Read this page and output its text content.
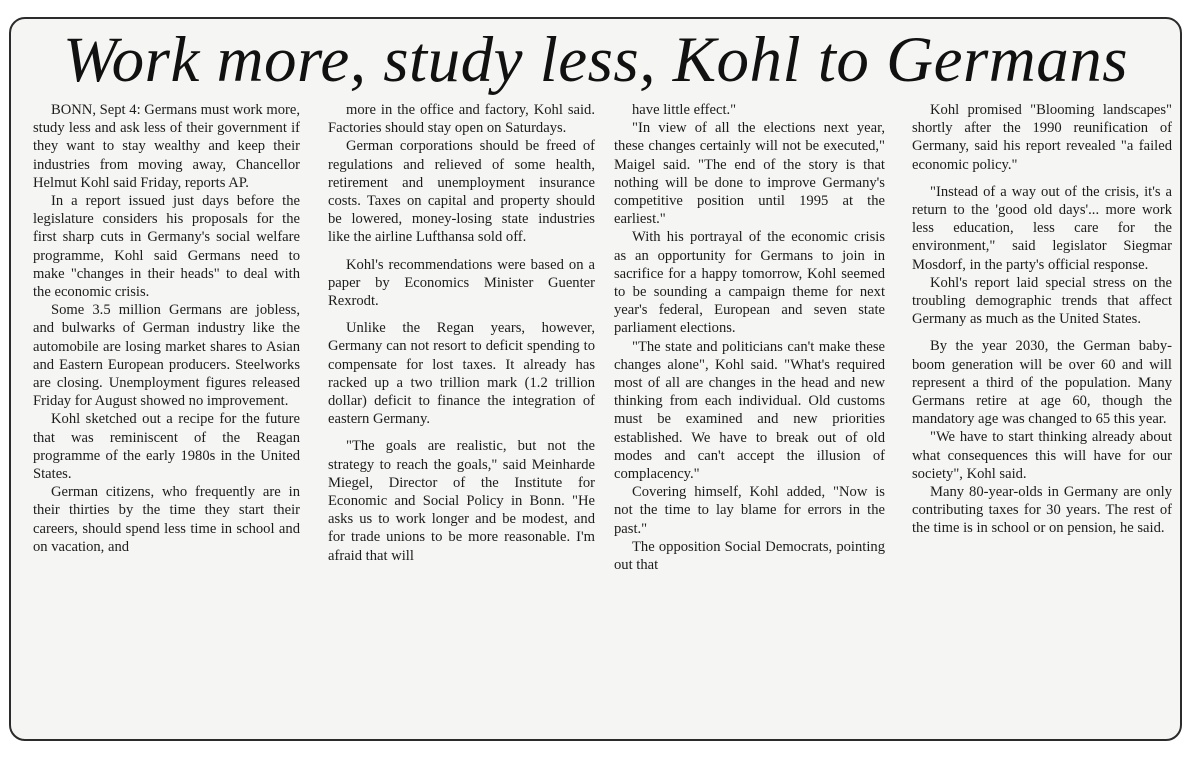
Work more, study less, Kohl to Germans

BONN, Sept 4: Germans must work more, study less and ask less of their government if they want to stay wealthy and keep their industries from moving away, Chancellor Helmut Kohl said Friday, reports AP.

In a report issued just days before the legislature considers his proposals for the first sharp cuts in Germany's social welfare programme, Kohl said Germans need to make "changes in their heads" to deal with the economic crisis.

Some 3.5 million Germans are jobless, and bulwarks of German industry like the automobile are losing market shares to Asian and Eastern European producers. Steelworks are closing. Unemployment figures released Friday for August showed no improvement.

Kohl sketched out a recipe for the future that was reminiscent of the Reagan programme of the early 1980s in the United States.

German citizens, who frequently are in their thirties by the time they start their careers, should spend less time in school and on vacation, and

more in the office and factory, Kohl said. Factories should stay open on Saturdays.

German corporations should be freed of regulations and relieved of some health, retirement and unemployment insurance costs. Taxes on capital and property should be lowered, money-losing state industries like the airline Lufthansa sold off.

Kohl's recommendations were based on a paper by Economics Minister Guenter Rexrodt.

Unlike the Regan years, however, Germany can not resort to deficit spending to compensate for lost taxes. It already has racked up a two trillion mark (1.2 trillion dollar) deficit to finance the integration of eastern Germany.

"The goals are realistic, but not the strategy to reach the goals," said Meinharde Miegel, Director of the Institute for Economic and Social Policy in Bonn. "He asks us to work longer and be modest, and for trade unions to be more reasonable. I'm afraid that will

have little effect."

"In view of all the elections next year, these changes certainly will not be executed," Maigel said. "The end of the story is that nothing will be done to improve Germany's competitive position until 1995 at the earliest."

With his portrayal of the economic crisis as an opportunity for Germans to join in sacrifice for a happy tomorrow, Kohl seemed to be sounding a campaign theme for next year's federal, European and seven state parliament elections.

"The state and politicians can't make these changes alone", Kohl said. "What's required most of all are changes in the head and new thinking from each individual. Old customs must be examined and new priorities established. We have to break out of old modes and can't accept the illusion of complacency."

Covering himself, Kohl added, "Now is not the time to lay blame for errors in the past."

The opposition Social Democrats, pointing out that

Kohl promised "Blooming landscapes" shortly after the 1990 reunification of Germany, said his report revealed "a failed economic policy."

"Instead of a way out of the crisis, it's a return to the 'good old days'... more work less education, less care for the environment," said legislator Siegmar Mosdorf, in the party's official response.

Kohl's report laid special stress on the troubling demographic trends that affect Germany as much as the United States.

By the year 2030, the German baby-boom generation will be over 60 and will represent a third of the population. Many Germans retire at age 60, though the mandatory age was changed to 65 this year.

"We have to start thinking already about what consequences this will have for our society", Kohl said.

Many 80-year-olds in Germany are only contributing taxes for 30 years. The rest of the time is in school or on pension, he said.
